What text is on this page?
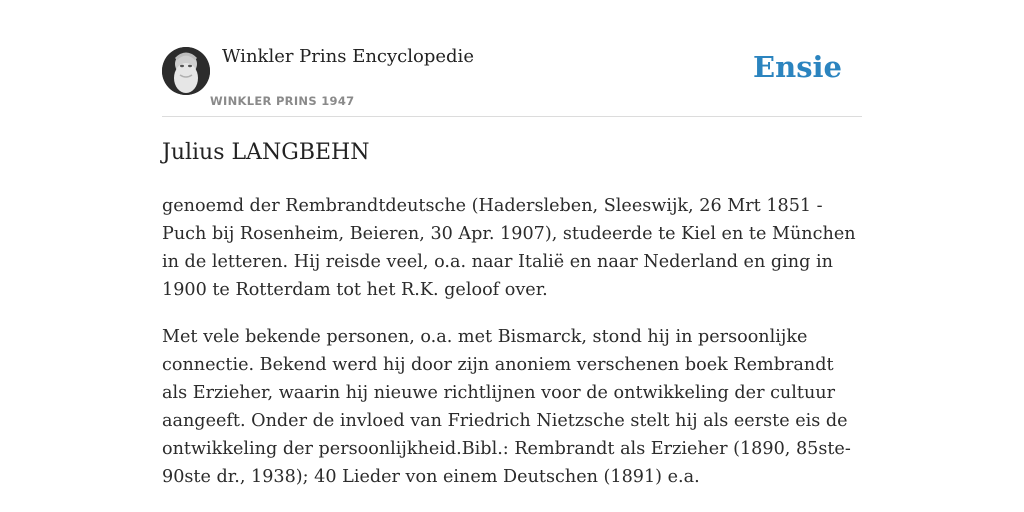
Winkler Prins Encyclopedie
WINKLER PRINS 1947
Ensie
Julius LANGBEHN

genoemd der Rembrandtdeutsche (Hadersleben, Sleeswijk, 26 Mrt 1851 - Puch bij Rosenheim, Beieren, 30 Apr. 1907), studeerde te Kiel en te München in de letteren. Hij reisde veel, o.a. naar Italië en naar Nederland en ging in 1900 te Rotterdam tot het R.K. geloof over.

Met vele bekende personen, o.a. met Bismarck, stond hij in persoonlijke connectie. Bekend werd hij door zijn anoniem verschenen boek Rembrandt als Erzieher, waarin hij nieuwe richtlijnen voor de ontwikkeling der cultuur aangeeft. Onder de invloed van Friedrich Nietzsche stelt hij als eerste eis de ontwikkeling der persoonlijkheid.Bibl.: Rembrandt als Erzieher (1890, 85ste-90ste dr., 1938); 40 Lieder von einem Deutschen (1891) e.a.
